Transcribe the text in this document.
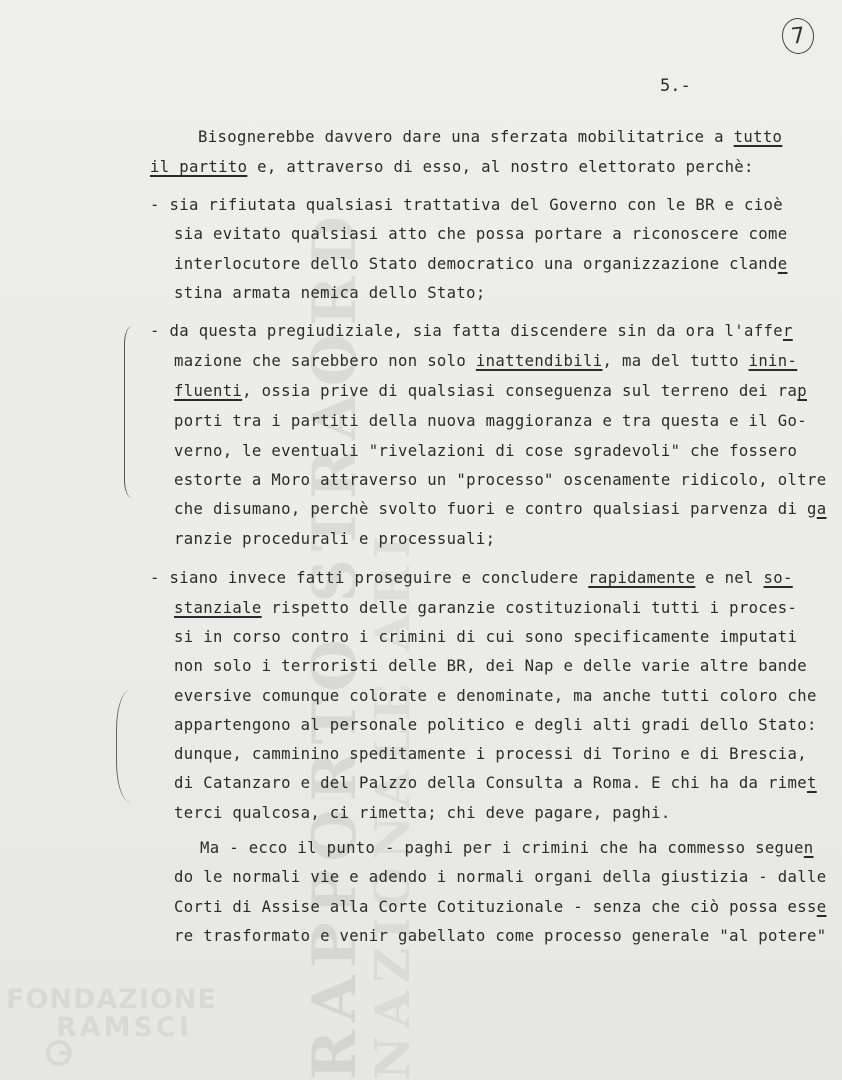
RAPPORTO STRAORD
NAZIONALE ARI
7
5.-
Bisognerebbe davvero dare una sferzata mobilitatrice a tutto
il partito e, attraverso di esso, al nostro elettorato perchè:
- sia rifiutata qualsiasi trattativa del Governo con le BR e cioè
sia evitato qualsiasi atto che possa portare a riconoscere come
interlocutore dello Stato democratico una organizzazione clande
stina armata nemica dello Stato;
- da questa pregiudiziale, sia fatta discendere sin da ora l'affer
mazione che sarebbero non solo inattendibili, ma del tutto inin-
fluenti, ossia prive di qualsiasi conseguenza sul terreno dei rap
porti tra i partiti della nuova maggioranza e tra questa e il Go-
verno, le eventuali "rivelazioni di cose sgradevoli" che fossero
estorte a Moro attraverso un "processo" oscenamente ridicolo, oltre
che disumano, perchè svolto fuori e contro qualsiasi parvenza di ga
ranzie procedurali e processuali;
- siano invece fatti proseguire e concludere rapidamente e nel so-
stanziale rispetto delle garanzie costituzionali tutti i proces-
si in corso contro i crimini di cui sono specificamente imputati
non solo i terroristi delle BR, dei Nap e delle varie altre bande
eversive comunque colorate e denominate, ma anche tutti coloro che
appartengono al personale politico e degli alti gradi dello Stato:
dunque, camminino speditamente i processi di Torino e di Brescia,
di Catanzaro e del Palzzo della Consulta a Roma. E chi ha da rimet
terci qualcosa, ci rimetta; chi deve pagare, paghi.
Ma - ecco il punto - paghi per i crimini che ha commesso seguen
do le normali vie e adendo i normali organi della giustizia - dalle
Corti di Assise alla Corte Cotituzionale - senza che ciò possa esse
re trasformato e venir gabellato come processo generale "al potere"
FONDAZIONE
RAMSCI
